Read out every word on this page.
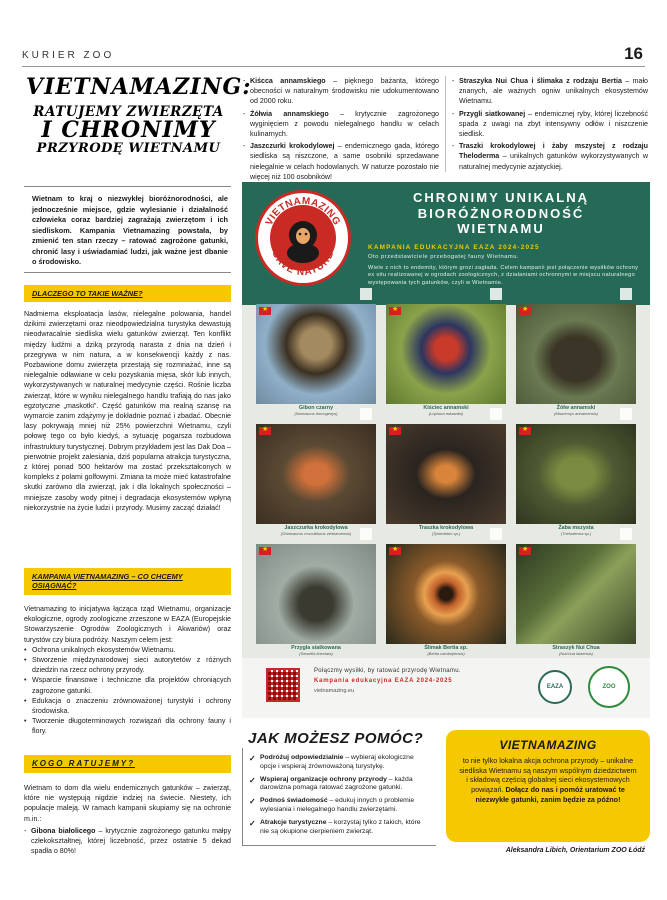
KURIER ZOO	16
VIETNAMAZING:
RATUJEMY ZWIERZĘTA
I CHRONIMY
PRZYRODĘ WIETNAMU
Wietnam to kraj o niezwykłej bioróżnorodności, ale jednocześnie miejsce, gdzie wylesianie i działalność człowieka coraz bardziej zagrażają zwierzętom i ich siedliskom. Kampania Vietnamazing powstała, by zmienić ten stan rzeczy – ratować zagrożone gatunki, chronić lasy i uświadamiać ludzi, jak ważne jest dbanie o środowisko.
DLACZEGO TO TAKIE WAŻNE?
Nadmierna eksploatacja lasów, nielegalne polowania, handel dzikimi zwierzętami oraz nieodpowiedzialna turystyka dewastują nieodwracalnie siedliska wielu gatunków zwierząt. Ten konflikt między ludźmi a dziką przyrodą narasta z dnia na dzień i przegrywa w nim natura, a w konsekwencji każdy z nas. Pozbawione domu zwierzęta przestają się rozmnażać, inne są nielegalnie odławiane w celu pozyskania mięsa, skór lub innych, wykorzystywanych w naturalnej medycynie części. Rośnie liczba zwierząt, które w wyniku nielegalnego handlu trafiają do nas jako egzotyczne „maskotki”. Część gatunków ma realną szansę na wymarcie zanim zdążymy je dokładnie poznać i zbadać. Obecnie lasy pokrywają mniej niż 25% powierzchni Wietnamu, czyli połowę tego co było kiedyś, a sytuację pogarsza rozbudowa infrastruktury turystycznej. Dobrym przykładem jest las Dak Doa – pierwotnie projekt zalesiania, dziś popularna atrakcja turystyczna, z której ponad 500 hektarów ma zostać przekształconych w kompleks z polami golfowymi. Zmiana ta może mieć katastrofalne skutki zarówno dla zwierząt, jak i dla lokalnych społeczności – mniejsze zasoby wody pitnej i degradacja ekosystemów wpłyną niekorzystnie na życie ludzi i przyrody. Musimy zacząć działać!
KAMPANIA VIETNAMAZING – CO CHCEMY OSIĄGNĄĆ?

Vietnamazing to inicjatywa łącząca rząd Wietnamu, organizacje ekologiczne, ogrody zoologiczne zrzeszone w EAZA (Europejskie Stowarzyszenie Ogrodów Zoologicznych i Akwariów) oraz turystów czy biura podróży. Naszym celem jest:

• Ochrona unikalnych ekosystemów Wietnamu.
• Stworzenie międzynarodowej sieci autorytetów z różnych dziedzin na rzecz ochrony przyrody.
• Wsparcie finansowe i techniczne dla projektów chroniących zagrożone gatunki.
• Edukacja o znaczeniu zrównoważonej turystyki i ochrony środowiska.
• Tworzenie długoterminowych rozwiązań dla ochrony fauny i flory.
KOGO RATUJEMY?

Wietnam to dom dla wielu endemicznych gatunków – zwierząt, które nie występują nigdzie indziej na świecie. Niestety, ich populacje maleją. W ramach kampanii skupiamy się na ochronie m.in.:

- Gibona białolicego – krytycznie zagrożonego gatunku małpy człekokształtnej, której liczebność, przez ostatnie 5 dekad spadła o 80%!
- Kiścca annamskiego – pięknego bażanta, którego obecności w naturalnym środowisku nie udokumentowano od 2000 roku.
- Żółwia annamskiego – krytycznie zagrożonego wyginięciem z powodu nielegalnego handlu w celach kulinarnych.
- Jaszczurki krokodylowej – endemicznego gada, którego siedliska są niszczone, a same osobniki sprzedawane nielegalnie w celach hodowlanych. W naturze pozostało nie więcej niż 100 osobników!
- Straszyka Nui Chua i ślimaka z rodzaju Bertia – mało znanych, ale ważnych ogniw unikalnych ekosystemów Wietnamu.
- Przygli siatkowanej – endemicznej ryby, której liczebność spada z uwagi na zbyt intensywny odłów i niszczenie siedlisk.
- Traszki krokodylowej i żaby mszystej z rodzaju Theloderma – unikalnych gatunków wykorzystywanych w naturalnej medycynie azjatyckiej.
VIETNAMAZING
SAVE NATURE
CHRONIMY UNIKALNĄ
BIORÓŻNORODNOŚĆ
WIETNAMU
KAMPANIA EDUKACYJNA EAZA 2024-2025
Oto przedstawiciele przebogatej fauny Wietnamu.
Wiele z nich to endemity, którym grozi zagłada. Celem kampanii jest połączenie wysiłków ochrony ex situ realizowanej w ogrodach zoologicznych, z działaniami ochronnymi w miejscu naturalnego występowania tych gatunków, czyli w Wietnamie.
★
Gibon czarny
(Nomascus leucogenys)
★
Kiściec annamski
(Lophura edwardsi)
★
Żółw annamski
(Mauremys annamensis)
★
Jaszczurka krokodylowa
(Shinisaurus crocodilurus vietnamensis)
★
Traszka krokodylowa
(Tylototriton sp.)
★
Żaba mszysta
(Theloderma sp.)
★
Przygla siatkowana
(Sewellia lineolata)
★
Ślimak Bertia sp.
(Bertia cambojiensis)
★
Straszyk Nui Chua
(Nuichua lalaensis)
Połączmy wysiłki, by ratować przyrodę Wietnamu.
Kampania edukacyjna EAZA 2024-2025
vietnamazing.eu
EAZA	ZOO
JAK MOŻESZ POMÓC?
✓ Podróżuj odpowiedzialnie – wybieraj ekologiczne opcje i wspieraj zrównoważoną turystykę.
✓ Wspieraj organizacje ochrony przyrody – każda darowizna pomaga ratować zagrożone gatunki.
✓ Podnoś świadomość – edukuj innych o problemie wylesiania i nielegalnego handlu zwierzętami.
✓ Atrakcje turystyczne – korzystaj tylko z takich, które nie są okupione cierpieniem zwierząt.
VIETNAMAZING
to nie tylko lokalna akcja ochrona przyrody – unikalne siedliska Wietnamu są naszym wspólnym dziedzictwem i składową częścią globalnej sieci ekosystemowych powiązań. Dołącz do nas i pomóż uratować te niezwykłe gatunki, zanim będzie za późno!
Aleksandra Libich, Orientarium ZOO Łódź
